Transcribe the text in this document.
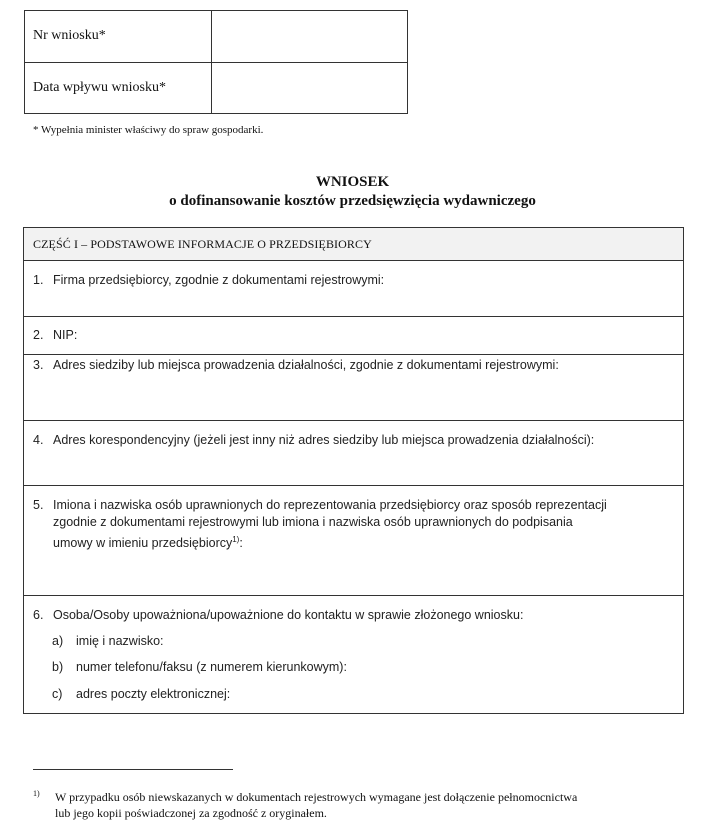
Nr wniosku*
Data wpływu wniosku*
* Wypełnia minister właściwy do spraw gospodarki.
WNIOSEK
o dofinansowanie kosztów przedsięwzięcia wydawniczego
CZĘŚĆ I – PODSTAWOWE INFORMACJE O PRZEDSIĘBIORCY
1. Firma przedsiębiorcy, zgodnie z dokumentami rejestrowymi:
2. NIP:
3. Adres siedziby lub miejsca prowadzenia działalności, zgodnie z dokumentami rejestrowymi:
4. Adres korespondencyjny (jeżeli jest inny niż adres siedziby lub miejsca prowadzenia działalności):
5. Imiona i nazwiska osób uprawnionych do reprezentowania przedsiębiorcy oraz sposób reprezentacji
zgodnie z dokumentami rejestrowymi lub imiona i nazwiska osób uprawnionych do podpisania
umowy w imieniu przedsiębiorcy$^{1)}$:
6. Osoba/Osoby upoważniona/upoważnione do kontaktu w sprawie złożonego wniosku:
a) imię i nazwisko:
b) numer telefonu/faksu (z numerem kierunkowym):
c) adres poczty elektronicznej:
1) W przypadku osób niewskazanych w dokumentach rejestrowych wymagane jest dołączenie pełnomocnictwa
lub jego kopii poświadczonej za zgodność z oryginałem.
